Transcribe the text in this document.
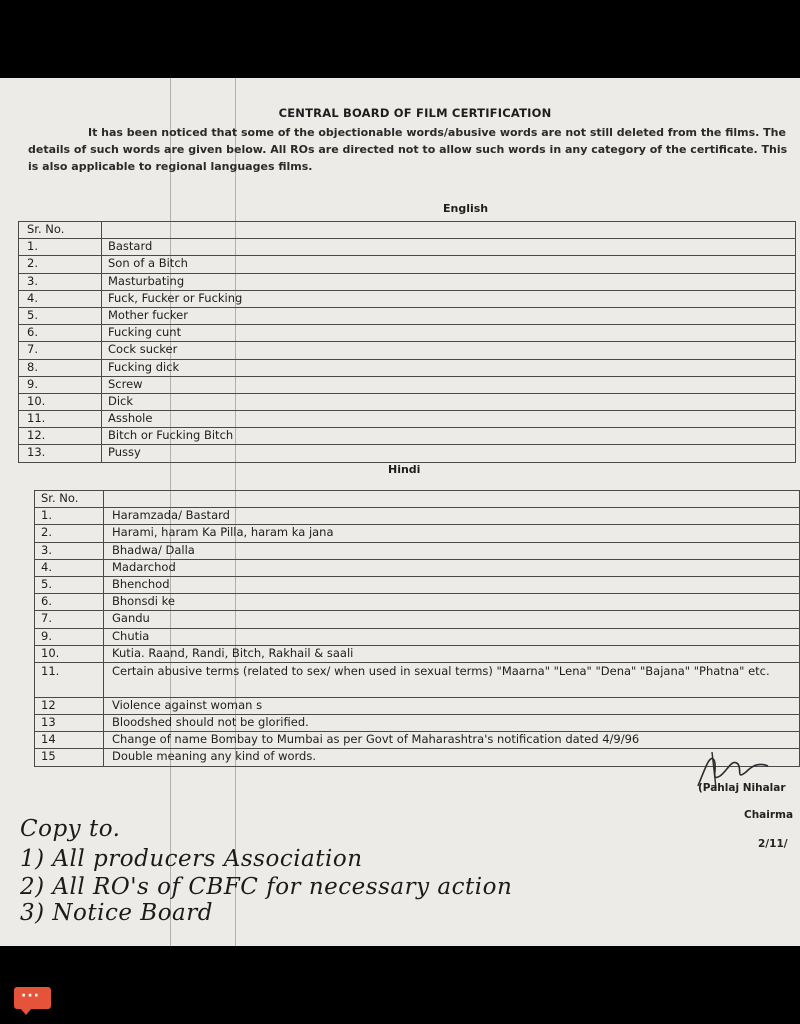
CENTRAL BOARD OF FILM CERTIFICATION
It has been noticed that some of the objectionable words/abusive words are not still deleted from the films. The details of such words are given below. All ROs are directed not to allow such words in any category of the certificate. This is also applicable to regional languages films.
English
Sr. No.	
1.	Bastard
2.	Son of a Bitch
3.	Masturbating
4.	Fuck, Fucker or Fucking
5.	Mother fucker
6.	Fucking cunt
7.	Cock sucker
8.	Fucking dick
9.	Screw
10.	Dick
11.	Asshole
12.	Bitch or Fucking Bitch
13.	Pussy
Hindi
Sr. No.	
1.	Haramzada/ Bastard
2.	Harami, haram Ka Pilla, haram ka jana
3.	Bhadwa/ Dalla
4.	Madarchod
5.	Bhenchod
6.	Bhonsdi ke
7.	Gandu
9.	Chutia
10.	Kutia. Raand, Randi, Bitch, Rakhail & saali
11.	Certain abusive terms (related to sex/ when used in sexual terms) "Maarna" "Lena" "Dena" "Bajana" "Phatna" etc.
12	Violence against woman s
13	Bloodshed should not be glorified.
14	Change of name Bombay to Mumbai as per Govt of Maharashtra's notification dated 4/9/96
15	Double meaning any kind of words.
(Pahlaj Nihalar
Chairma
2/11/
Copy to.
1) All producers Association
2) All RO's of CBFC for necessary action
3) Notice Board
···
